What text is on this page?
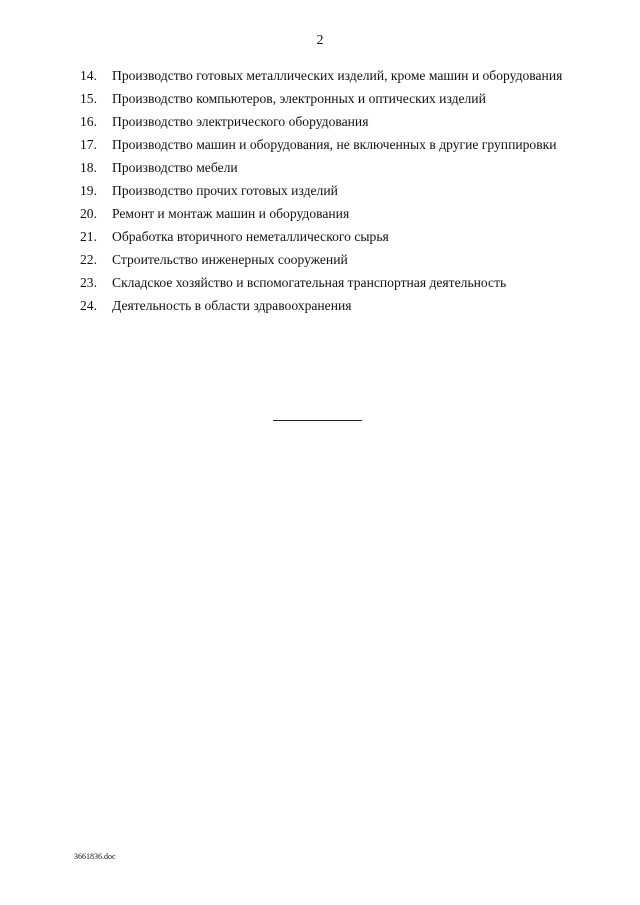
2
14.	Производство готовых металлических изделий, кроме машин и оборудования
15.	Производство компьютеров, электронных и оптических изделий
16.	Производство электрического оборудования
17.	Производство машин и оборудования, не включенных в другие группировки
18.	Производство мебели
19.	Производство прочих готовых изделий
20.	Ремонт и монтаж машин и оборудования
21.	Обработка вторичного неметаллического сырья
22.	Строительство инженерных сооружений
23.	Складское хозяйство и вспомогательная транспортная деятельность
24.	Деятельность в области здравоохранения
3661836.doc
